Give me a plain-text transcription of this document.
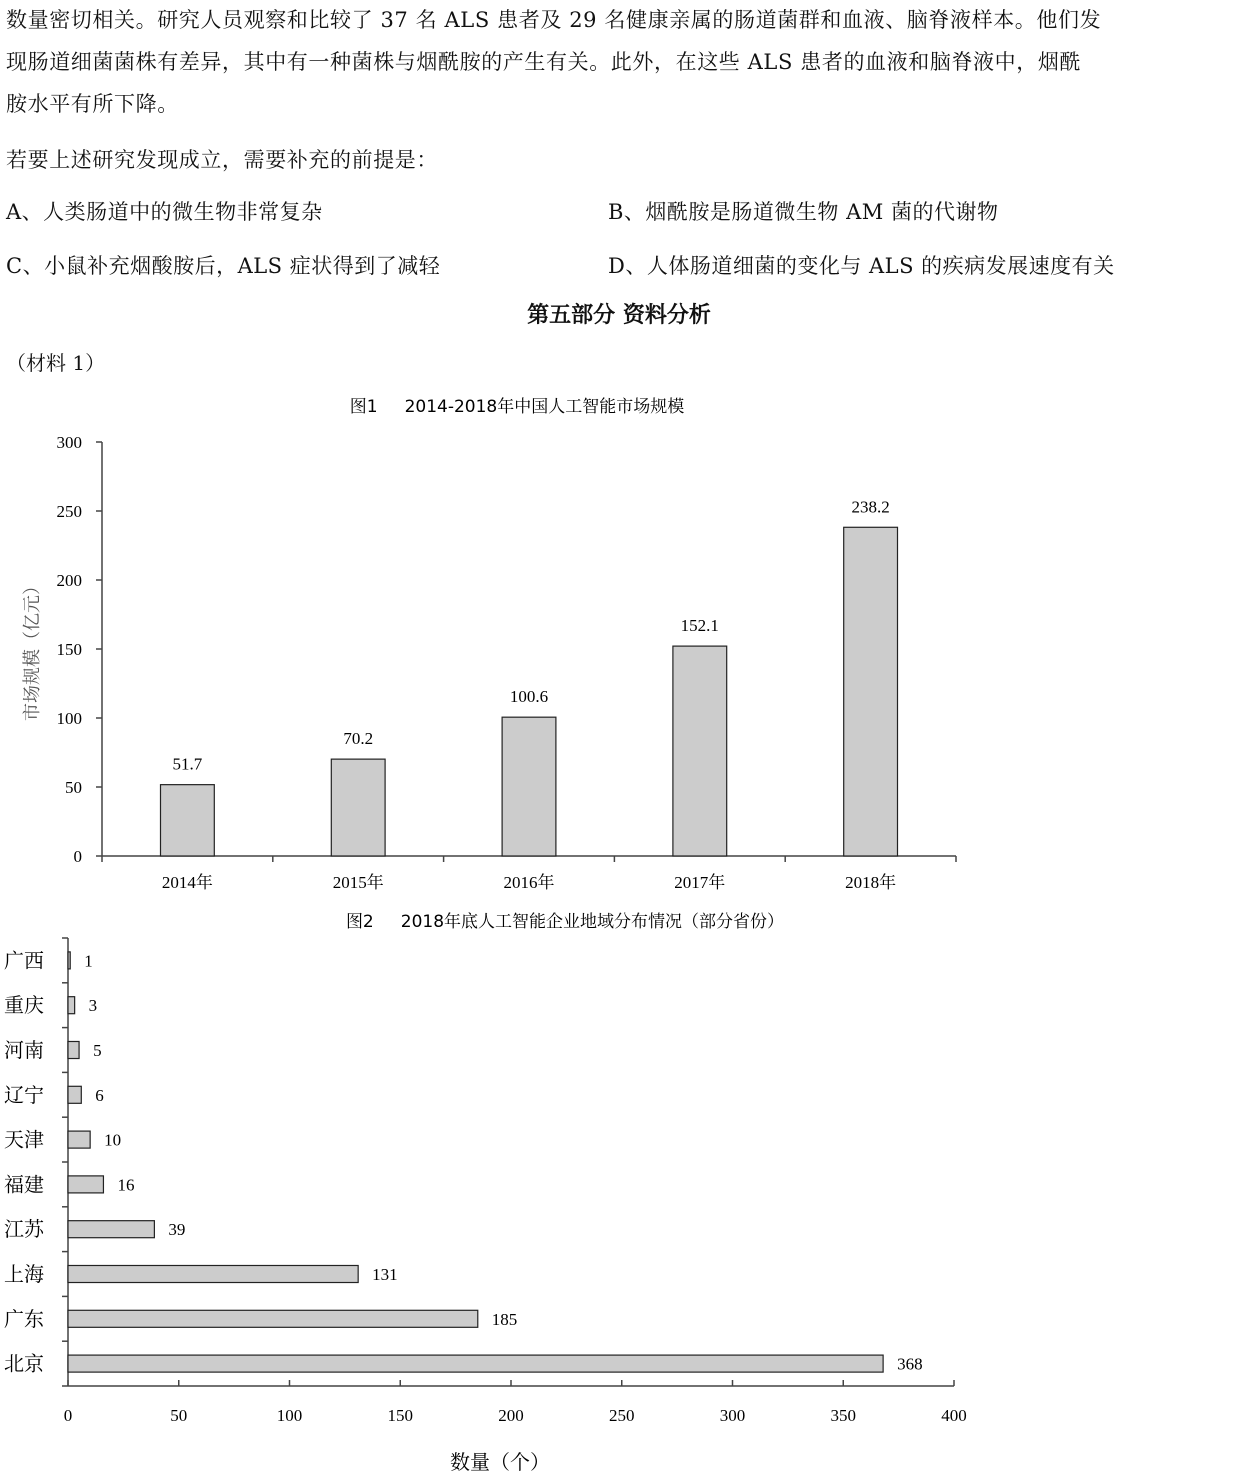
数量密切相关。研究人员观察和比较了 37 名 ALS 患者及 29 名健康亲属的肠道菌群和血液、脑脊液样本。他们发

现肠道细菌菌株有差异，其中有一种菌株与烟酰胺的产生有关。此外，在这些 ALS 患者的血液和脑脊液中，烟酰

胺水平有所下降。

若要上述研究发现成立，需要补充的前提是：

A、人类肠道中的微生物非常复杂	B、烟酰胺是肠道微生物 AM 菌的代谢物
C、小鼠补充烟酸胺后，ALS 症状得到了减轻	D、人体肠道细菌的变化与 ALS 的疾病发展速度有关
第五部分 资料分析
（材料 1）
图1     2014-2018年中国人工智能市场规模
市场规模（亿元）
0
50
100
150
200
250
300
51.7
2014年
70.2
2015年
100.6
2016年
152.1
2017年
238.2
2018年
图2     2018年底人工智能企业地域分布情况（部分省份）
数量（个）
0	50	100	150	200	250	300	350	400
1
广西
3
重庆
5
河南
6
辽宁
10
天津
16
福建
39
江苏
131
上海
185
广东
368
北京
